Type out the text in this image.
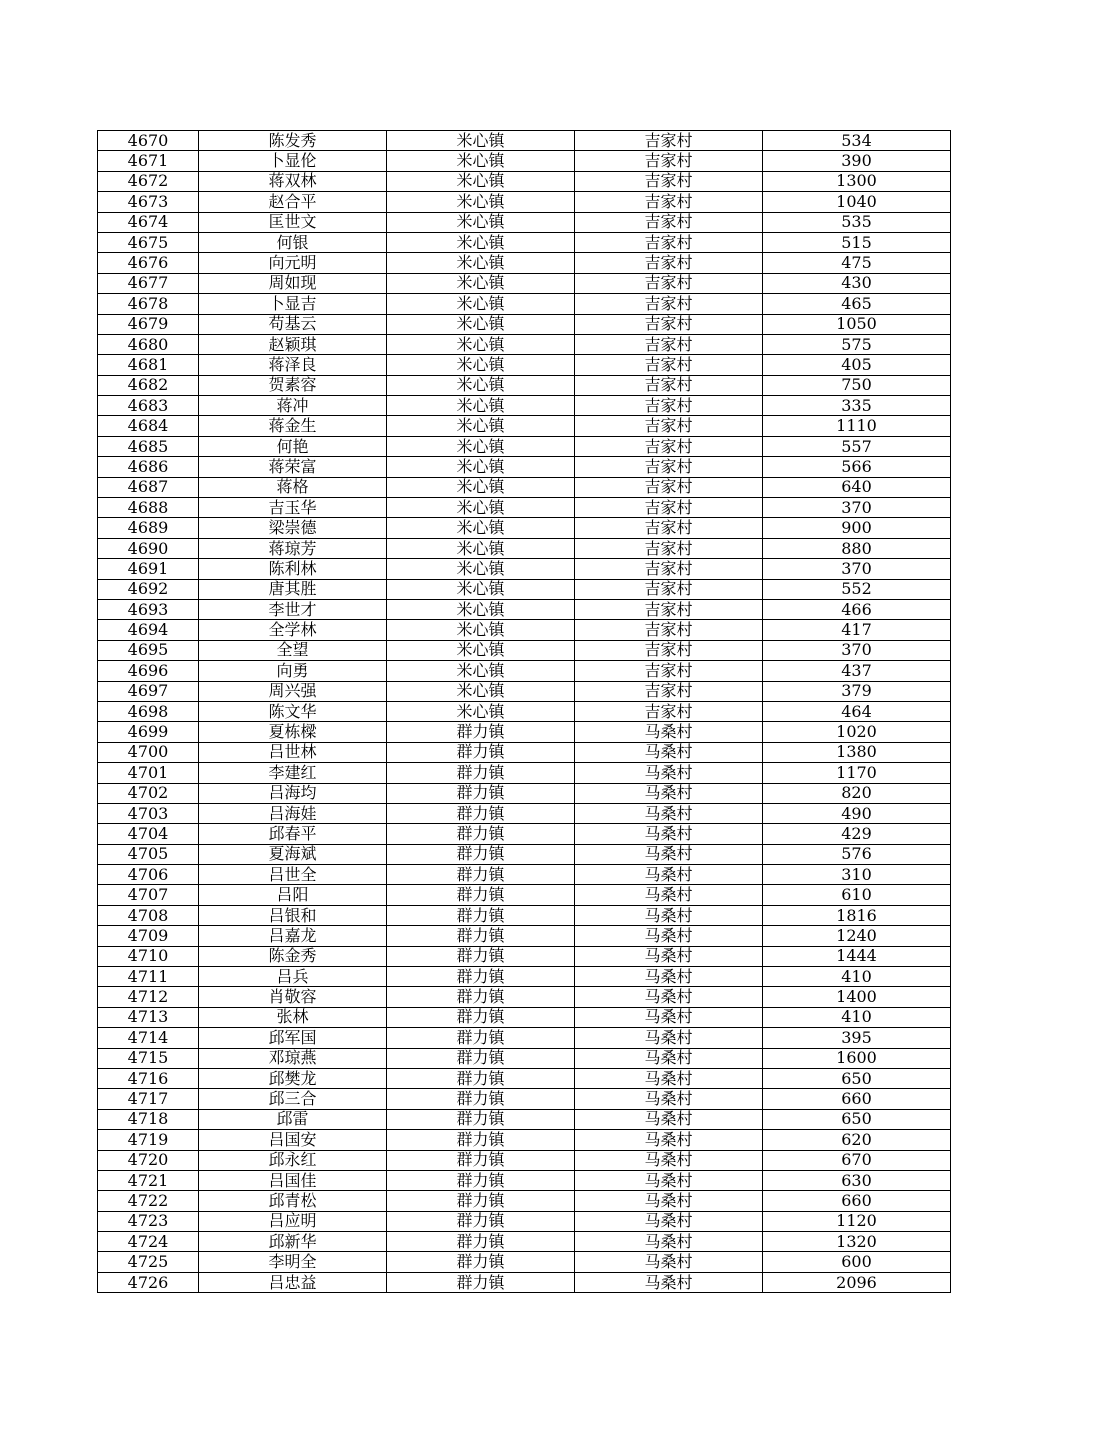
4670	陈发秀	米心镇	吉家村	534
4671	卜显伦	米心镇	吉家村	390
4672	蒋双林	米心镇	吉家村	1300
4673	赵合平	米心镇	吉家村	1040
4674	匡世文	米心镇	吉家村	535
4675	何银	米心镇	吉家村	515
4676	向元明	米心镇	吉家村	475
4677	周如现	米心镇	吉家村	430
4678	卜显吉	米心镇	吉家村	465
4679	苟基云	米心镇	吉家村	1050
4680	赵颖琪	米心镇	吉家村	575
4681	蒋泽良	米心镇	吉家村	405
4682	贺素容	米心镇	吉家村	750
4683	蒋冲	米心镇	吉家村	335
4684	蒋金生	米心镇	吉家村	1110
4685	何艳	米心镇	吉家村	557
4686	蒋荣富	米心镇	吉家村	566
4687	蒋格	米心镇	吉家村	640
4688	吉玉华	米心镇	吉家村	370
4689	梁崇德	米心镇	吉家村	900
4690	蒋琼芳	米心镇	吉家村	880
4691	陈利林	米心镇	吉家村	370
4692	唐其胜	米心镇	吉家村	552
4693	李世才	米心镇	吉家村	466
4694	全学林	米心镇	吉家村	417
4695	全望	米心镇	吉家村	370
4696	向勇	米心镇	吉家村	437
4697	周兴强	米心镇	吉家村	379
4698	陈文华	米心镇	吉家村	464
4699	夏栋樑	群力镇	马桑村	1020
4700	吕世林	群力镇	马桑村	1380
4701	李建红	群力镇	马桑村	1170
4702	吕海均	群力镇	马桑村	820
4703	吕海娃	群力镇	马桑村	490
4704	邱春平	群力镇	马桑村	429
4705	夏海斌	群力镇	马桑村	576
4706	吕世全	群力镇	马桑村	310
4707	吕阳	群力镇	马桑村	610
4708	吕银和	群力镇	马桑村	1816
4709	吕嘉龙	群力镇	马桑村	1240
4710	陈金秀	群力镇	马桑村	1444
4711	吕兵	群力镇	马桑村	410
4712	肖敬容	群力镇	马桑村	1400
4713	张林	群力镇	马桑村	410
4714	邱军国	群力镇	马桑村	395
4715	邓琼燕	群力镇	马桑村	1600
4716	邱樊龙	群力镇	马桑村	650
4717	邱三合	群力镇	马桑村	660
4718	邱雷	群力镇	马桑村	650
4719	吕国安	群力镇	马桑村	620
4720	邱永红	群力镇	马桑村	670
4721	吕国佳	群力镇	马桑村	630
4722	邱青松	群力镇	马桑村	660
4723	吕应明	群力镇	马桑村	1120
4724	邱新华	群力镇	马桑村	1320
4725	李明全	群力镇	马桑村	600
4726	吕忠益	群力镇	马桑村	2096
